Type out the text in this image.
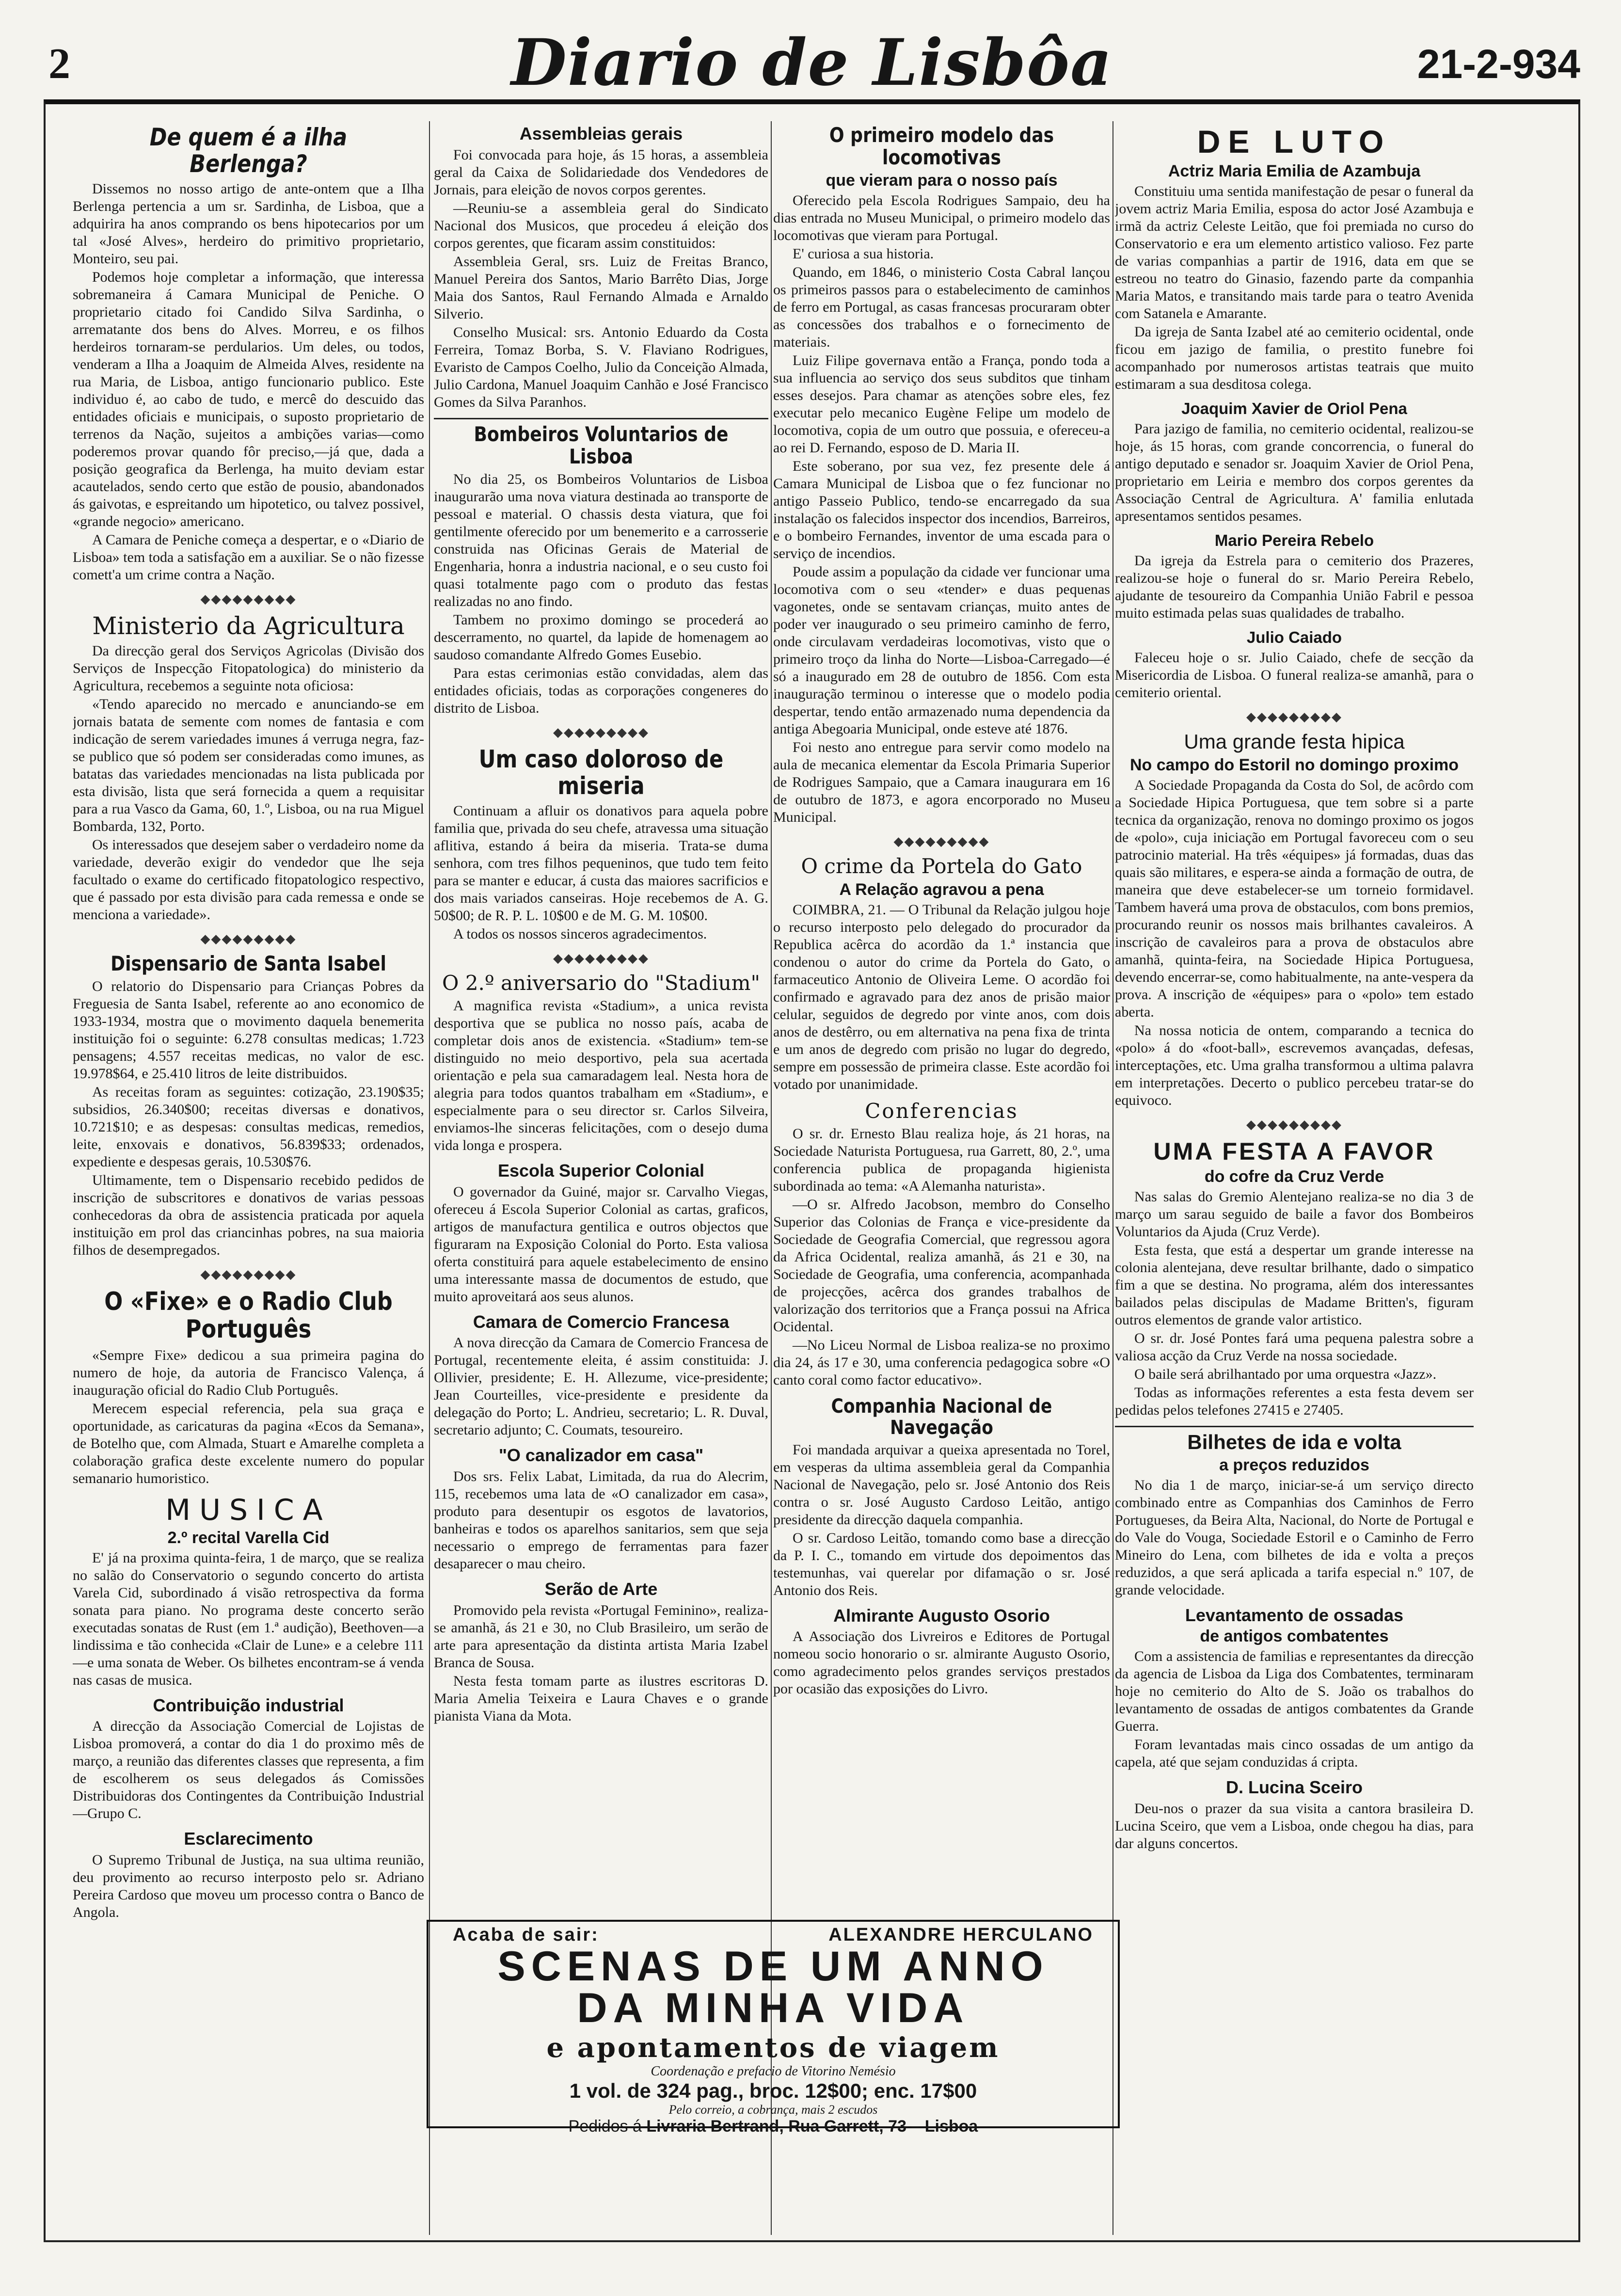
2	Diario de Lisbôa	21-2-934
De quem é a ilha Berlenga?

Dissemos no nosso artigo de ante-ontem que a Ilha Berlenga pertencia a um sr. Sardinha, de Lisboa, que a adquirira ha anos comprando os bens hipotecarios por um tal «José Alves», herdeiro do primitivo proprietario, Monteiro, seu pai.

Podemos hoje completar a informação, que interessa sobremaneira á Camara Municipal de Peniche. O proprietario citado foi Candido Silva Sardinha, o arrematante dos bens do Alves. Morreu, e os filhos herdeiros tornaram-se perdularios. Um deles, ou todos, venderam a Ilha a Joaquim de Almeida Alves, residente na rua Maria, de Lisboa, antigo funcionario publico. Este individuo é, ao cabo de tudo, e mercê do descuido das entidades oficiais e municipais, o suposto proprietario de terrenos da Nação, sujeitos a ambições varias—como poderemos provar quando fôr preciso,—já que, dada a posição geografica da Berlenga, ha muito deviam estar acautelados, sendo certo que estão de pousio, abandonados ás gaivotas, e espreitando um hipotetico, ou talvez possivel, «grande negocio» americano.

A Camara de Peniche começa a despertar, e o «Diario de Lisboa» tem toda a satisfação em a auxiliar. Se o não fizesse comett'a um crime contra a Nação.

◆◆◆◆◆◆◆◆◆
Ministerio da Agricultura

Da direcção geral dos Serviços Agricolas (Divisão dos Serviços de Inspecção Fitopatologica) do ministerio da Agricultura, recebemos a seguinte nota oficiosa:

«Tendo aparecido no mercado e anunciando-se em jornais batata de semente com nomes de fantasia e com indicação de serem variedades imunes á verruga negra, faz-se publico que só podem ser consideradas como imunes, as batatas das variedades mencionadas na lista publicada por esta divisão, lista que será fornecida a quem a requisitar para a rua Vasco da Gama, 60, 1.º, Lisboa, ou na rua Miguel Bombarda, 132, Porto.

Os interessados que desejem saber o verdadeiro nome da variedade, deverão exigir do vendedor que lhe seja facultado o exame do certificado fitopatologico respectivo, que é passado por esta divisão para cada remessa e onde se menciona a variedade».

◆◆◆◆◆◆◆◆◆
Dispensario de Santa Isabel

O relatorio do Dispensario para Crianças Pobres da Freguesia de Santa Isabel, referente ao ano economico de 1933-1934, mostra que o movimento daquela benemerita instituição foi o seguinte: 6.278 consultas medicas; 1.723 pensagens; 4.557 receitas medicas, no valor de esc. 19.978$64, e 25.410 litros de leite distribuidos.

As receitas foram as seguintes: cotização, 23.190$35; subsidios, 26.340$00; receitas diversas e donativos, 10.721$10; e as despesas: consultas medicas, remedios, leite, enxovais e donativos, 56.839$33; ordenados, expediente e despesas gerais, 10.530$76.

Ultimamente, tem o Dispensario recebido pedidos de inscrição de subscritores e donativos de varias pessoas conhecedoras da obra de assistencia praticada por aquela instituição em prol das criancinhas pobres, na sua maioria filhos de desempregados.

◆◆◆◆◆◆◆◆◆
O «Fixe» e o Radio Club Português

«Sempre Fixe» dedicou a sua primeira pagina do numero de hoje, da autoria de Francisco Valença, á inauguração oficial do Radio Club Português.

Merecem especial referencia, pela sua graça e oportunidade, as caricaturas da pagina «Ecos da Semana», de Botelho que, com Almada, Stuart e Amarelhe completa a colaboração grafica deste excelente numero do popular semanario humoristico.

MUSICA
2.º recital Varella Cid

E' já na proxima quinta-feira, 1 de março, que se realiza no salão do Conservatorio o segundo concerto do artista Varela Cid, subordinado á visão retrospectiva da forma sonata para piano. No programa deste concerto serão executadas sonatas de Rust (em 1.ª audição), Beethoven—a lindissima e tão conhecida «Clair de Lune» e a celebre 111 —e uma sonata de Weber. Os bilhetes encontram-se á venda nas casas de musica.

Contribuição industrial

A direcção da Associação Comercial de Lojistas de Lisboa promoverá, a contar do dia 1 do proximo mês de março, a reunião das diferentes classes que representa, a fim de escolherem os seus delegados ás Comissões Distribuidoras dos Contingentes da Contribuição Industrial—Grupo C.

Esclarecimento

O Supremo Tribunal de Justiça, na sua ultima reunião, deu provimento ao recurso interposto pelo sr. Adriano Pereira Cardoso que moveu um processo contra o Banco de Angola.

Assembleias gerais

Foi convocada para hoje, ás 15 horas, a assembleia geral da Caixa de Solidariedade dos Vendedores de Jornais, para eleição de novos corpos gerentes.

—Reuniu-se a assembleia geral do Sindicato Nacional dos Musicos, que procedeu á eleição dos corpos gerentes, que ficaram assim constituidos:

Assembleia Geral, srs. Luiz de Freitas Branco, Manuel Pereira dos Santos, Mario Barrêto Dias, Jorge Maia dos Santos, Raul Fernando Almada e Arnaldo Silverio.

Conselho Musical: srs. Antonio Eduardo da Costa Ferreira, Tomaz Borba, S. V. Flaviano Rodrigues, Evaristo de Campos Coelho, Julio da Conceição Almada, Julio Cardona, Manuel Joaquim Canhão e José Francisco Gomes da Silva Paranhos.

Bombeiros Voluntarios de Lisboa

No dia 25, os Bombeiros Voluntarios de Lisboa inaugurarão uma nova viatura destinada ao transporte de pessoal e material. O chassis desta viatura, que foi gentilmente oferecido por um benemerito e a carrosserie construida nas Oficinas Gerais de Material de Engenharia, honra a industria nacional, e o seu custo foi quasi totalmente pago com o produto das festas realizadas no ano findo.

Tambem no proximo domingo se procederá ao descerramento, no quartel, da lapide de homenagem ao saudoso comandante Alfredo Gomes Eusebio.

Para estas cerimonias estão convidadas, alem das entidades oficiais, todas as corporações congeneres do distrito de Lisboa.

◆◆◆◆◆◆◆◆◆
Um caso doloroso de miseria

Continuam a afluir os donativos para aquela pobre familia que, privada do seu chefe, atravessa uma situação aflitiva, estando á beira da miseria. Trata-se duma senhora, com tres filhos pequeninos, que tudo tem feito para se manter e educar, á custa das maiores sacrificios e dos mais variados canseiras. Hoje recebemos de A. G. 50$00; de R. P. L. 10$00 e de M. G. M. 10$00.

A todos os nossos sinceros agradecimentos.

◆◆◆◆◆◆◆◆◆
O 2.º aniversario do "Stadium"

A magnifica revista «Stadium», a unica revista desportiva que se publica no nosso país, acaba de completar dois anos de existencia. «Stadium» tem-se distinguido no meio desportivo, pela sua acertada orientação e pela sua camaradagem leal. Nesta hora de alegria para todos quantos trabalham em «Stadium», e especialmente para o seu director sr. Carlos Silveira, enviamos-lhe sinceras felicitações, com o desejo duma vida longa e prospera.

Escola Superior Colonial

O governador da Guiné, major sr. Carvalho Viegas, ofereceu á Escola Superior Colonial as cartas, graficos, artigos de manufactura gentilica e outros objectos que figuraram na Exposição Colonial do Porto. Esta valiosa oferta constituirá para aquele estabelecimento de ensino uma interessante massa de documentos de estudo, que muito aproveitará aos seus alunos.

Camara de Comercio Francesa

A nova direcção da Camara de Comercio Francesa de Portugal, recentemente eleita, é assim constituida: J. Ollivier, presidente; E. H. Allezume, vice-presidente; Jean Courteilles, vice-presidente e presidente da delegação do Porto; L. Andrieu, secretario; L. R. Duval, secretario adjunto; C. Coumats, tesoureiro.

"O canalizador em casa"

Dos srs. Felix Labat, Limitada, da rua do Alecrim, 115, recebemos uma lata de «O canalizador em casa», produto para desentupir os esgotos de lavatorios, banheiras e todos os aparelhos sanitarios, sem que seja necessario o emprego de ferramentas para fazer desaparecer o mau cheiro.

Serão de Arte

Promovido pela revista «Portugal Feminino», realiza-se amanhã, ás 21 e 30, no Club Brasileiro, um serão de arte para apresentação da distinta artista Maria Izabel Branca de Sousa.

Nesta festa tomam parte as ilustres escritoras D. Maria Amelia Teixeira e Laura Chaves e o grande pianista Viana da Mota.

O primeiro modelo das locomotivas
que vieram para o nosso país

Oferecido pela Escola Rodrigues Sampaio, deu ha dias entrada no Museu Municipal, o primeiro modelo das locomotivas que vieram para Portugal.

E' curiosa a sua historia.

Quando, em 1846, o ministerio Costa Cabral lançou os primeiros passos para o estabelecimento de caminhos de ferro em Portugal, as casas francesas procuraram obter as concessões dos trabalhos e o fornecimento de materiais.

Luiz Filipe governava então a França, pondo toda a sua influencia ao serviço dos seus subditos que tinham esses desejos. Para chamar as atenções sobre eles, fez executar pelo mecanico Eugène Felipe um modelo de locomotiva, copia de um outro que possuia, e ofereceu-a ao rei D. Fernando, esposo de D. Maria II.

Este soberano, por sua vez, fez presente dele á Camara Municipal de Lisboa que o fez funcionar no antigo Passeio Publico, tendo-se encarregado da sua instalação os falecidos inspector dos incendios, Barreiros, e o bombeiro Fernandes, inventor de uma escada para o serviço de incendios.

Poude assim a população da cidade ver funcionar uma locomotiva com o seu «tender» e duas pequenas vagonetes, onde se sentavam crianças, muito antes de poder ver inaugurado o seu primeiro caminho de ferro, onde circulavam verdadeiras locomotivas, visto que o primeiro troço da linha do Norte—Lisboa-Carregado—é só a inaugurado em 28 de outubro de 1856. Com esta inauguração terminou o interesse que o modelo podia despertar, tendo então armazenado numa dependencia da antiga Abegoaria Municipal, onde esteve até 1876.

Foi nesto ano entregue para servir como modelo na aula de mecanica elementar da Escola Primaria Superior de Rodrigues Sampaio, que a Camara inaugurara em 16 de outubro de 1873, e agora encorporado no Museu Municipal.

◆◆◆◆◆◆◆◆◆
O crime da Portela do Gato
A Relação agravou a pena

COIMBRA, 21. — O Tribunal da Relação julgou hoje o recurso interposto pelo delegado do procurador da Republica acêrca do acordão da 1.ª instancia que condenou o autor do crime da Portela do Gato, o farmaceutico Antonio de Oliveira Leme. O acordão foi confirmado e agravado para dez anos de prisão maior celular, seguidos de degredo por vinte anos, com dois anos de destêrro, ou em alternativa na pena fixa de trinta e um anos de degredo com prisão no lugar do degredo, sempre em possessão de primeira classe. Este acordão foi votado por unanimidade.

Conferencias

O sr. dr. Ernesto Blau realiza hoje, ás 21 horas, na Sociedade Naturista Portuguesa, rua Garrett, 80, 2.º, uma conferencia publica de propaganda higienista subordinada ao tema: «A Alemanha naturista».

—O sr. Alfredo Jacobson, membro do Conselho Superior das Colonias de França e vice-presidente da Sociedade de Geografia Comercial, que regressou agora da Africa Ocidental, realiza amanhã, ás 21 e 30, na Sociedade de Geografia, uma conferencia, acompanhada de projecções, acêrca dos grandes trabalhos de valorização dos territorios que a França possui na Africa Ocidental.

—No Liceu Normal de Lisboa realiza-se no proximo dia 24, ás 17 e 30, uma conferencia pedagogica sobre «O canto coral como factor educativo».

Companhia Nacional de Navegação

Foi mandada arquivar a queixa apresentada no Torel, em vesperas da ultima assembleia geral da Companhia Nacional de Navegação, pelo sr. José Antonio dos Reis contra o sr. José Augusto Cardoso Leitão, antigo presidente da direcção daquela companhia.

O sr. Cardoso Leitão, tomando como base a direcção da P. I. C., tomando em virtude dos depoimentos das testemunhas, vai querelar por difamação o sr. José Antonio dos Reis.

Almirante Augusto Osorio

A Associação dos Livreiros e Editores de Portugal nomeou socio honorario o sr. almirante Augusto Osorio, como agradecimento pelos grandes serviços prestados por ocasião das exposições do Livro.

DE LUTO
Actriz Maria Emilia de Azambuja

Constituiu uma sentida manifestação de pesar o funeral da jovem actriz Maria Emilia, esposa do actor José Azambuja e irmã da actriz Celeste Leitão, que foi premiada no curso do Conservatorio e era um elemento artistico valioso. Fez parte de varias companhias a partir de 1916, data em que se estreou no teatro do Ginasio, fazendo parte da companhia Maria Matos, e transitando mais tarde para o teatro Avenida com Satanela e Amarante.

Da igreja de Santa Izabel até ao cemiterio ocidental, onde ficou em jazigo de familia, o prestito funebre foi acompanhado por numerosos artistas teatrais que muito estimaram a sua desditosa colega.

Joaquim Xavier de Oriol Pena

Para jazigo de familia, no cemiterio ocidental, realizou-se hoje, ás 15 horas, com grande concorrencia, o funeral do antigo deputado e senador sr. Joaquim Xavier de Oriol Pena, proprietario em Leiria e membro dos corpos gerentes da Associação Central de Agricultura. A' familia enlutada apresentamos sentidos pesames.

Mario Pereira Rebelo

Da igreja da Estrela para o cemiterio dos Prazeres, realizou-se hoje o funeral do sr. Mario Pereira Rebelo, ajudante de tesoureiro da Companhia União Fabril e pessoa muito estimada pelas suas qualidades de trabalho.

Julio Caiado

Faleceu hoje o sr. Julio Caiado, chefe de secção da Misericordia de Lisboa. O funeral realiza-se amanhã, para o cemiterio oriental.

◆◆◆◆◆◆◆◆◆
Uma grande festa hipica
No campo do Estoril no domingo proximo

A Sociedade Propaganda da Costa do Sol, de acôrdo com a Sociedade Hipica Portuguesa, que tem sobre si a parte tecnica da organização, renova no domingo proximo os jogos de «polo», cuja iniciação em Portugal favoreceu com o seu patrocinio material. Ha três «équipes» já formadas, duas das quais são militares, e espera-se ainda a formação de outra, de maneira que deve estabelecer-se um torneio formidavel. Tambem haverá uma prova de obstaculos, com bons premios, procurando reunir os nossos mais brilhantes cavaleiros. A inscrição de cavaleiros para a prova de obstaculos abre amanhã, quinta-feira, na Sociedade Hipica Portuguesa, devendo encerrar-se, como habitualmente, na ante-vespera da prova. A inscrição de «équipes» para o «polo» tem estado aberta.

Na nossa noticia de ontem, comparando a tecnica do «polo» á do «foot-ball», escrevemos avançadas, defesas, interceptações, etc. Uma gralha transformou a ultima palavra em interpretações. Decerto o publico percebeu tratar-se do equivoco.

◆◆◆◆◆◆◆◆◆
UMA FESTA A FAVOR
do cofre da Cruz Verde

Nas salas do Gremio Alentejano realiza-se no dia 3 de março um sarau seguido de baile a favor dos Bombeiros Voluntarios da Ajuda (Cruz Verde).

Esta festa, que está a despertar um grande interesse na colonia alentejana, deve resultar brilhante, dado o simpatico fim a que se destina. No programa, além dos interessantes bailados pelas discipulas de Madame Britten's, figuram outros elementos de grande valor artistico.

O sr. dr. José Pontes fará uma pequena palestra sobre a valiosa acção da Cruz Verde na nossa sociedade.

O baile será abrilhantado por uma orquestra «Jazz».

Todas as informações referentes a esta festa devem ser pedidas pelos telefones 27415 e 27405.

Bilhetes de ida e volta
a preços reduzidos

No dia 1 de março, iniciar-se-á um serviço directo combinado entre as Companhias dos Caminhos de Ferro Portugueses, da Beira Alta, Nacional, do Norte de Portugal e do Vale do Vouga, Sociedade Estoril e o Caminho de Ferro Mineiro do Lena, com bilhetes de ida e volta a preços reduzidos, a que será aplicada a tarifa especial n.º 107, de grande velocidade.

Levantamento de ossadas
de antigos combatentes

Com a assistencia de familias e representantes da direcção da agencia de Lisboa da Liga dos Combatentes, terminaram hoje no cemiterio do Alto de S. João os trabalhos do levantamento de ossadas de antigos combatentes da Grande Guerra.

Foram levantadas mais cinco ossadas de um antigo da capela, até que sejam conduzidas á cripta.

D. Lucina Sceiro

Deu-nos o prazer da sua visita a cantora brasileira D. Lucina Sceiro, que vem a Lisboa, onde chegou ha dias, para dar alguns concertos.

Acaba de sair:	ALEXANDRE HERCULANO
SCENAS DE UM ANNO
DA MINHA VIDA
e apontamentos de viagem
Coordenação e prefacio de Vitorino Nemésio
1 vol. de 324 pag., broc. 12$00; enc. 17$00
Pelo correio, a cobrança, mais 2 escudos
Pedidos á Livraria Bertrand, Rua Garrett, 73 – Lisboa
